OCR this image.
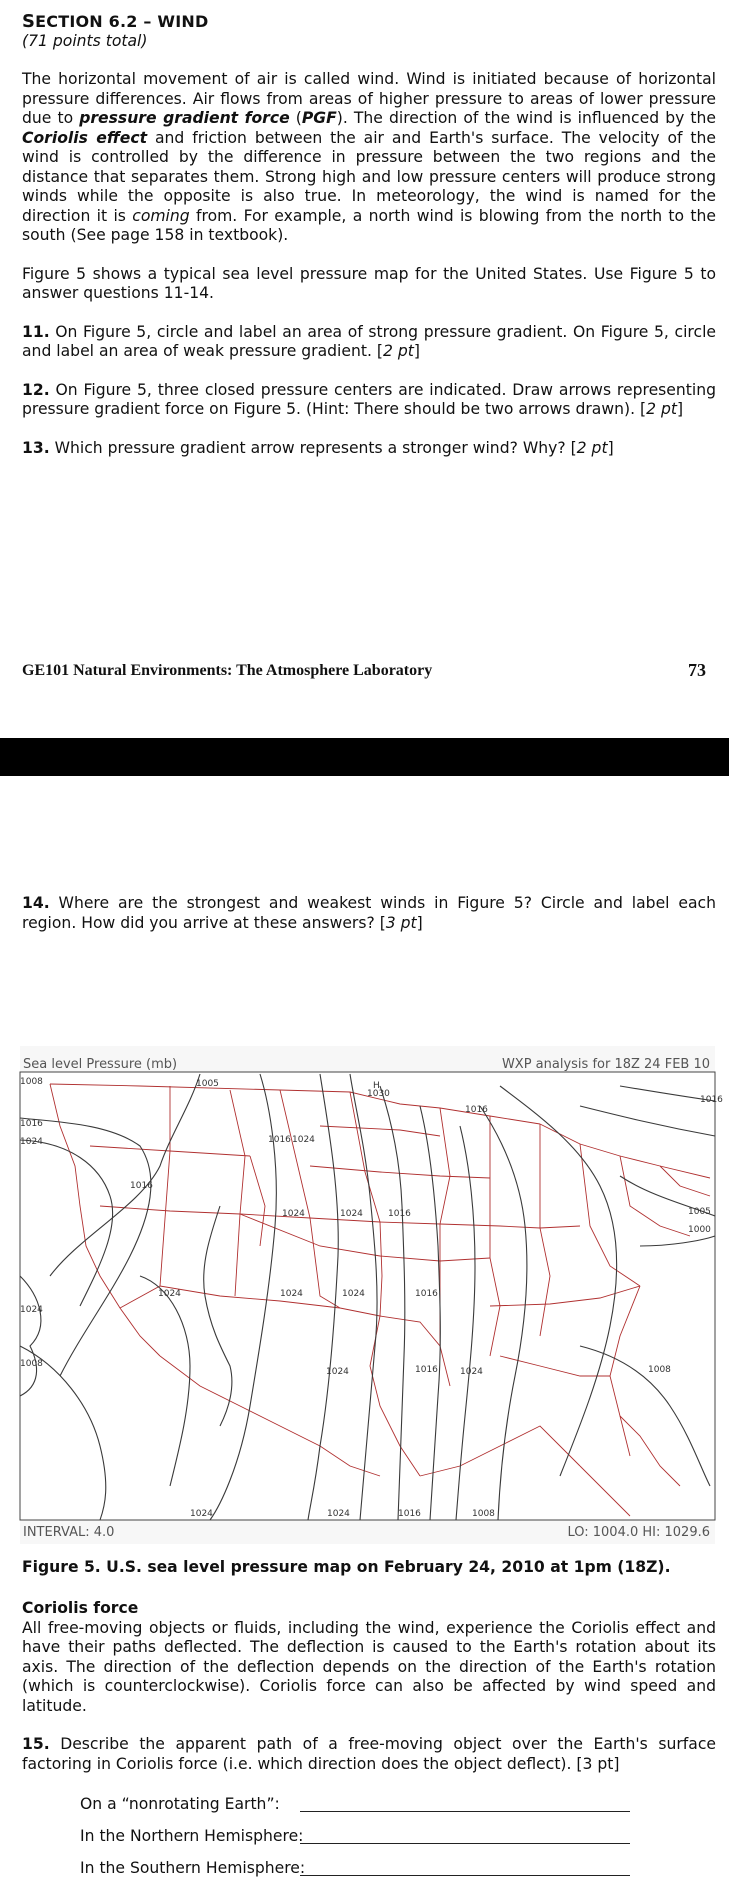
SECTION 6.2 – WIND
(71 points total)

The horizontal movement of air is called wind. Wind is initiated because of horizontal pressure differences. Air flows from areas of higher pressure to areas of lower pressure due to pressure gradient force (PGF). The direction of the wind is influenced by the Coriolis effect and friction between the air and Earth's surface. The velocity of the wind is controlled by the difference in pressure between the two regions and the distance that separates them. Strong high and low pressure centers will produce strong winds while the opposite is also true. In meteorology, the wind is named for the direction it is coming from. For example, a north wind is blowing from the north to the south (See page 158 in textbook).

Figure 5 shows a typical sea level pressure map for the United States. Use Figure 5 to answer questions 11-14.

11. On Figure 5, circle and label an area of strong pressure gradient. On Figure 5, circle and label an area of weak pressure gradient. [2 pt]

12. On Figure 5, three closed pressure centers are indicated. Draw arrows representing pressure gradient force on Figure 5. (Hint: There should be two arrows drawn). [2 pt]

13. Which pressure gradient arrow represents a stronger wind? Why? [2 pt]

GE101 Natural Environments: The Atmosphere Laboratory	73

14. Where are the strongest and weakest winds in Figure 5? Circle and label each region. How did you arrive at these answers? [3 pt]

Sea level Pressure (mb)	WXP analysis for 18Z 24 FEB 10
1005
1030
H
1016 1024
1016
1024	1024	1016	1005
1000
1016
1024	1024	1024	1016
1024
1008
1024	1016	1008
1024	1024	1016	1008
1008
1016
1024
1016
1024
INTERVAL: 4.0	LO: 1004.0 HI: 1029.6
Figure 5. U.S. sea level pressure map on February 24, 2010 at 1pm (18Z).
Coriolis force

All free-moving objects or fluids, including the wind, experience the Coriolis effect and have their paths deflected. The deflection is caused to the Earth's rotation about its axis. The direction of the deflection depends on the direction of the Earth's rotation (which is counterclockwise). Coriolis force can also be affected by wind speed and latitude.

15. Describe the apparent path of a free-moving object over the Earth's surface factoring in Coriolis force (i.e. which direction does the object deflect). [3 pt]

On a “nonrotating Earth”:
In the Northern Hemisphere:
In the Southern Hemisphere:
